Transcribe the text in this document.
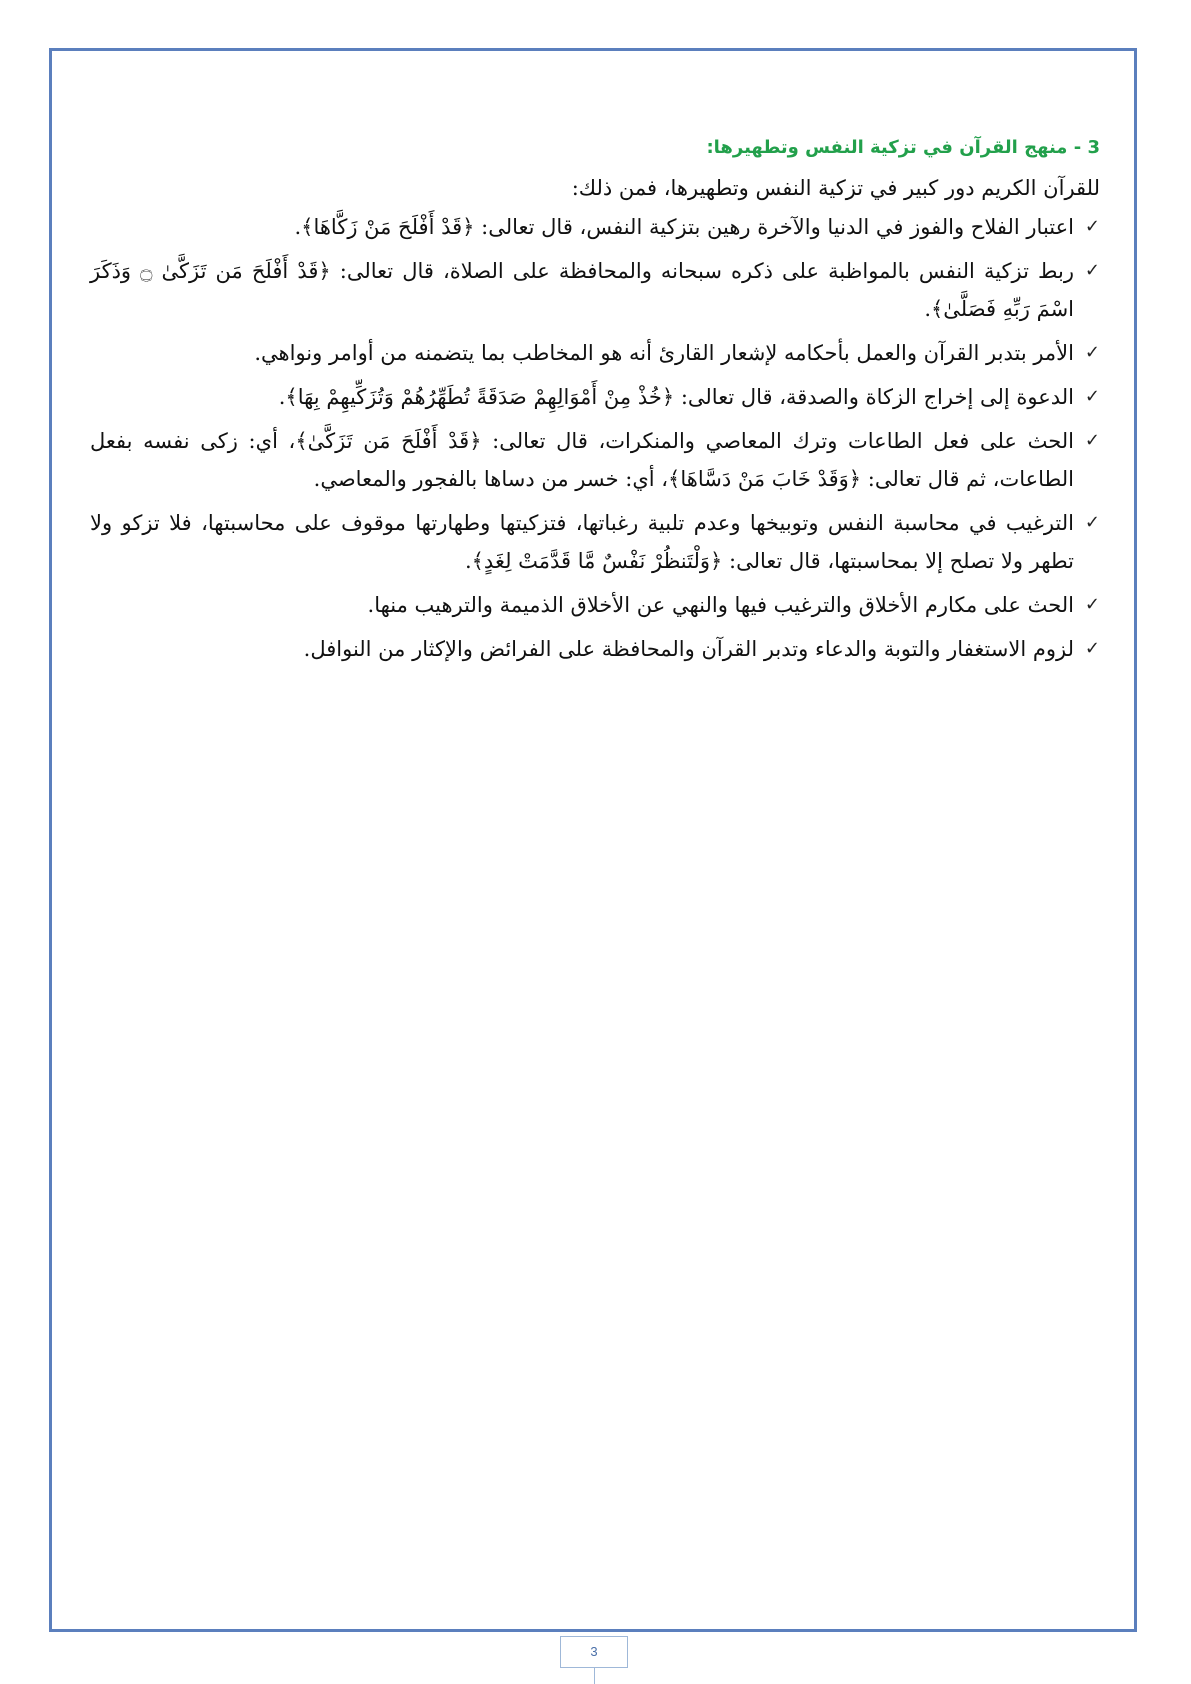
3 - منهج القرآن في تزكية النفس وتطهيرها:

للقرآن الكريم دور كبير في تزكية النفس وتطهيرها، فمن ذلك:

✓
اعتبار الفلاح والفوز في الدنيا والآخرة رهين بتزكية النفس، قال تعالى: ﴿قَدْ أَفْلَحَ مَنْ زَكَّاهَا﴾.
✓
ربط تزكية النفس بالمواظبة على ذكره سبحانه والمحافظة على الصلاة، قال تعالى: ﴿قَدْ أَفْلَحَ مَن تَزَكَّىٰ ۝ وَذَكَرَ اسْمَ رَبِّهِ فَصَلَّىٰ﴾.
✓
الأمر بتدبر القرآن والعمل بأحكامه لإشعار القارئ أنه هو المخاطب بما يتضمنه من أوامر ونواهي.
✓
الدعوة إلى إخراج الزكاة والصدقة، قال تعالى: ﴿خُذْ مِنْ أَمْوَالِهِمْ صَدَقَةً تُطَهِّرُهُمْ وَتُزَكِّيهِمْ بِهَا﴾.
✓
الحث على فعل الطاعات وترك المعاصي والمنكرات، قال تعالى: ﴿قَدْ أَفْلَحَ مَن تَزَكَّىٰ﴾، أي: زكى نفسه بفعل الطاعات، ثم قال تعالى: ﴿وَقَدْ خَابَ مَنْ دَسَّاهَا﴾، أي: خسر من دساها بالفجور والمعاصي.
✓
الترغيب في محاسبة النفس وتوبيخها وعدم تلبية رغباتها، فتزكيتها وطهارتها موقوف على محاسبتها، فلا تزكو ولا تطهر ولا تصلح إلا بمحاسبتها، قال تعالى: ﴿وَلْتَنظُرْ نَفْسٌ مَّا قَدَّمَتْ لِغَدٍ﴾.
✓
الحث على مكارم الأخلاق والترغيب فيها والنهي عن الأخلاق الذميمة والترهيب منها.
✓
لزوم الاستغفار والتوبة والدعاء وتدبر القرآن والمحافظة على الفرائض والإكثار من النوافل.
3
